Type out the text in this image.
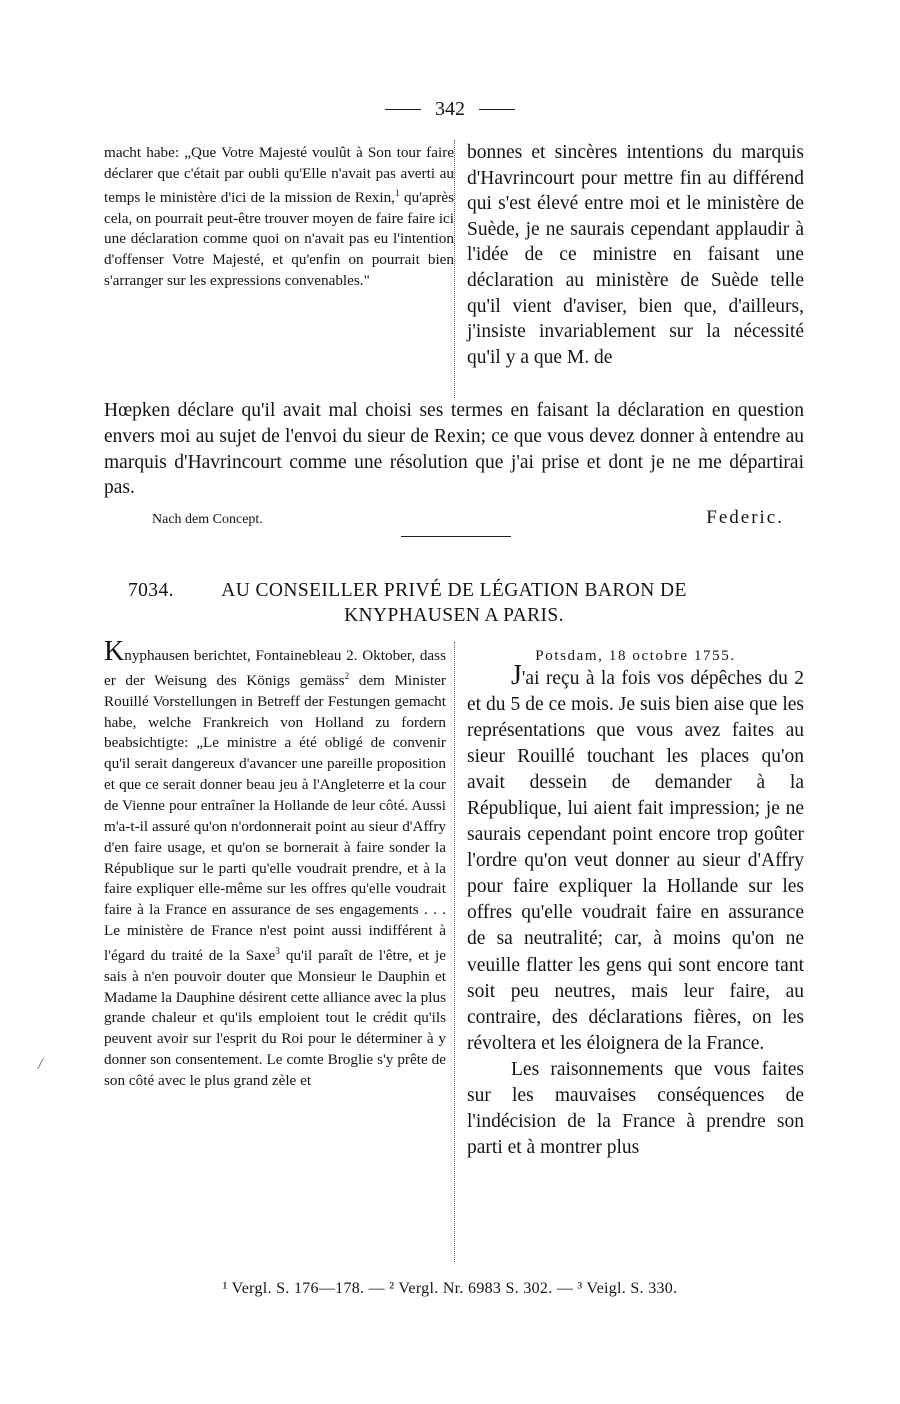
342

macht habe: „Que Votre Majesté voulût à Son tour faire déclarer que c'était par oubli qu'Elle n'avait pas averti au temps le ministère d'ici de la mission de Rexin,$^1$ qu'après cela, on pourrait peut-être trouver moyen de faire faire ici une déclaration comme quoi on n'avait pas eu l'intention d'offenser Votre Majesté, et qu'enfin on pourrait bien s'arranger sur les expressions convenables."

bonnes et sincères intentions du marquis d'Havrincourt pour mettre fin au différend qui s'est élevé entre moi et le ministère de Suède, je ne saurais cependant applaudir à l'idée de ce ministre en faisant une déclaration au ministère de Suède telle qu'il vient d'aviser, bien que, d'ailleurs, j'insiste invariablement sur la nécessité qu'il y a que M. de

Hœpken déclare qu'il avait mal choisi ses termes en faisant la déclaration en question envers moi au sujet de l'envoi du sieur de Rexin; ce que vous devez donner à entendre au marquis d'Havrincourt comme une résolution que j'ai prise et dont je ne me départirai pas.

Nach dem Concept.	Federic.
7034.	AU CONSEILLER PRIVÉ DE LÉGATION BARON DE

KNYPHAUSEN A PARIS.

Knyphausen berichtet, Fontainebleau 2. Oktober, dass er der Weisung des Königs gemäss$^2$ dem Minister Rouillé Vorstellungen in Betreff der Festungen gemacht habe, welche Frankreich von Holland zu fordern beabsichtigte: „Le ministre a été obligé de convenir qu'il serait dangereux d'avancer une pareille proposition et que ce serait donner beau jeu à l'Angleterre et la cour de Vienne pour entraîner la Hollande de leur côté. Aussi m'a-t-il assuré qu'on n'ordonnerait point au sieur d'Affry d'en faire usage, et qu'on se bornerait à faire sonder la République sur le parti qu'elle voudrait prendre, et à la faire expliquer elle-même sur les offres qu'elle voudrait faire à la France en assurance de ses engagements . . . Le ministère de France n'est point aussi indifférent à l'égard du traité de la Saxe$^3$ qu'il paraît de l'être, et je sais à n'en pouvoir douter que Monsieur le Dauphin et Madame la Dauphine désirent cette alliance avec la plus grande chaleur et qu'ils emploient tout le crédit qu'ils peuvent avoir sur l'esprit du Roi pour le déterminer à y donner son consentement. Le comte Broglie s'y prête de son côté avec le plus grand zèle et

Potsdam, 18 octobre 1755.

J'ai reçu à la fois vos dépêches du 2 et du 5 de ce mois. Je suis bien aise que les représentations que vous avez faites au sieur Rouillé touchant les places qu'on avait dessein de demander à la République, lui aient fait impression; je ne saurais cependant point encore trop goûter l'ordre qu'on veut donner au sieur d'Affry pour faire expliquer la Hollande sur les offres qu'elle voudrait faire en assurance de sa neutralité; car, à moins qu'on ne veuille flatter les gens qui sont encore tant soit peu neutres, mais leur faire, au contraire, des déclarations fières, on les révoltera et les éloignera de la France.

Les raisonnements que vous faites sur les mauvaises conséquences de l'indécision de la France à prendre son parti et à montrer plus

/
¹ Vergl. S. 176—178. — ² Vergl. Nr. 6983 S. 302. — ³ Veigl. S. 330.
